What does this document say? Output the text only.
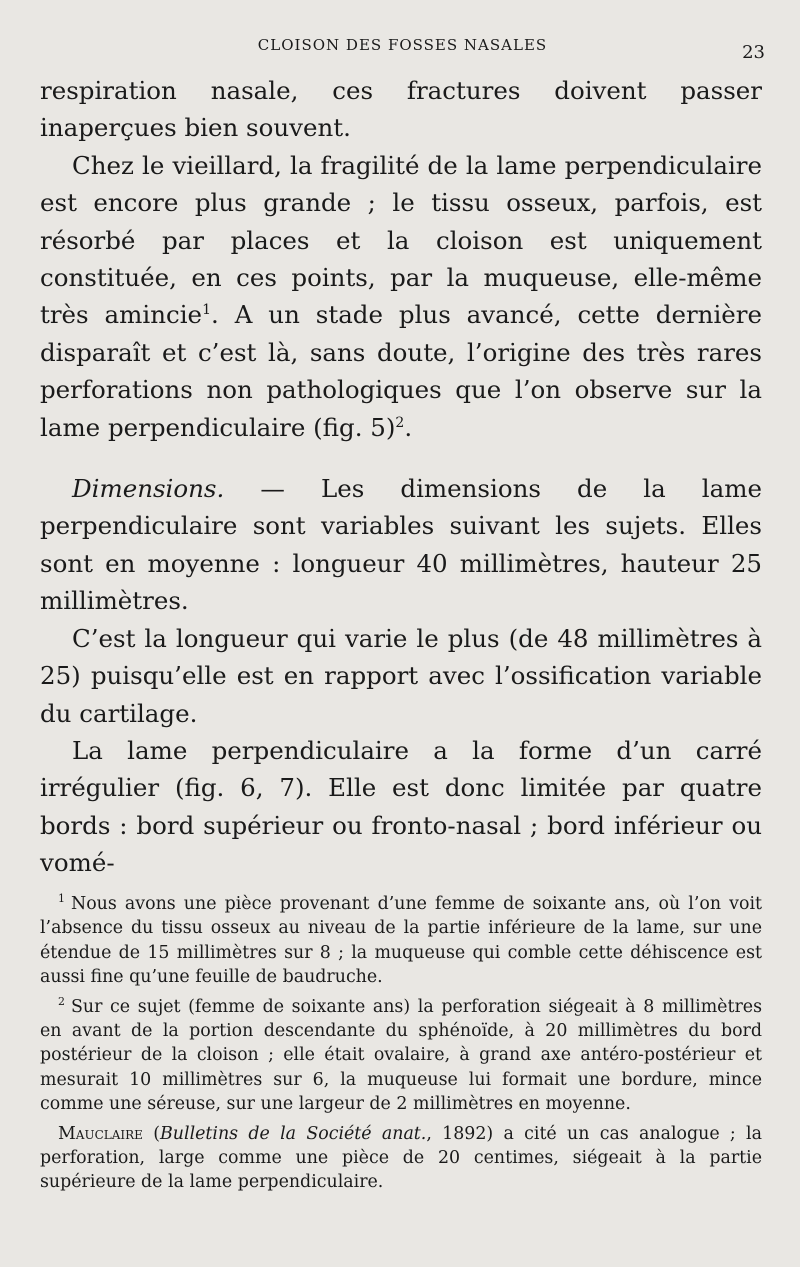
CLOISON DES FOSSES NASALES	23

respiration nasale, ces fractures doivent passer inaperçues bien souvent.

Chez le vieillard, la fragilité de la lame perpendiculaire est encore plus grande ; le tissu osseux, parfois, est résorbé par places et la cloison est uniquement constituée, en ces points, par la muqueuse, elle-même très amincie$^1$. A un stade plus avancé, cette dernière disparaît et c’est là, sans doute, l’origine des très rares perforations non pathologiques que l’on observe sur la lame perpendiculaire (fig. 5)$^2$.

Dimensions. — Les dimensions de la lame perpendiculaire sont variables suivant les sujets. Elles sont en moyenne : longueur 40 millimètres, hauteur 25 millimètres.

C’est la longueur qui varie le plus (de 48 millimètres à 25) puisqu’elle est en rapport avec l’ossification variable du cartilage.

La lame perpendiculaire a la forme d’un carré irrégulier (fig. 6, 7). Elle est donc limitée par quatre bords : bord supérieur ou fronto-nasal ; bord inférieur ou vomé-

$^1$ Nous avons une pièce provenant d’une femme de soixante ans, où l’on voit l’absence du tissu osseux au niveau de la partie inférieure de la lame, sur une étendue de 15 millimètres sur 8 ; la muqueuse qui comble cette déhiscence est aussi fine qu’une feuille de baudruche.

$^2$ Sur ce sujet (femme de soixante ans) la perforation siégeait à 8 millimètres en avant de la portion descendante du sphénoïde, à 20 millimètres du bord postérieur de la cloison ; elle était ovalaire, à grand axe antéro-postérieur et mesurait 10 millimètres sur 6, la muqueuse lui formait une bordure, mince comme une séreuse, sur une largeur de 2 millimètres en moyenne.

Mauclaire (Bulletins de la Société anat., 1892) a cité un cas analogue ; la perforation, large comme une pièce de 20 centimes, siégeait à la partie supérieure de la lame perpendiculaire.
